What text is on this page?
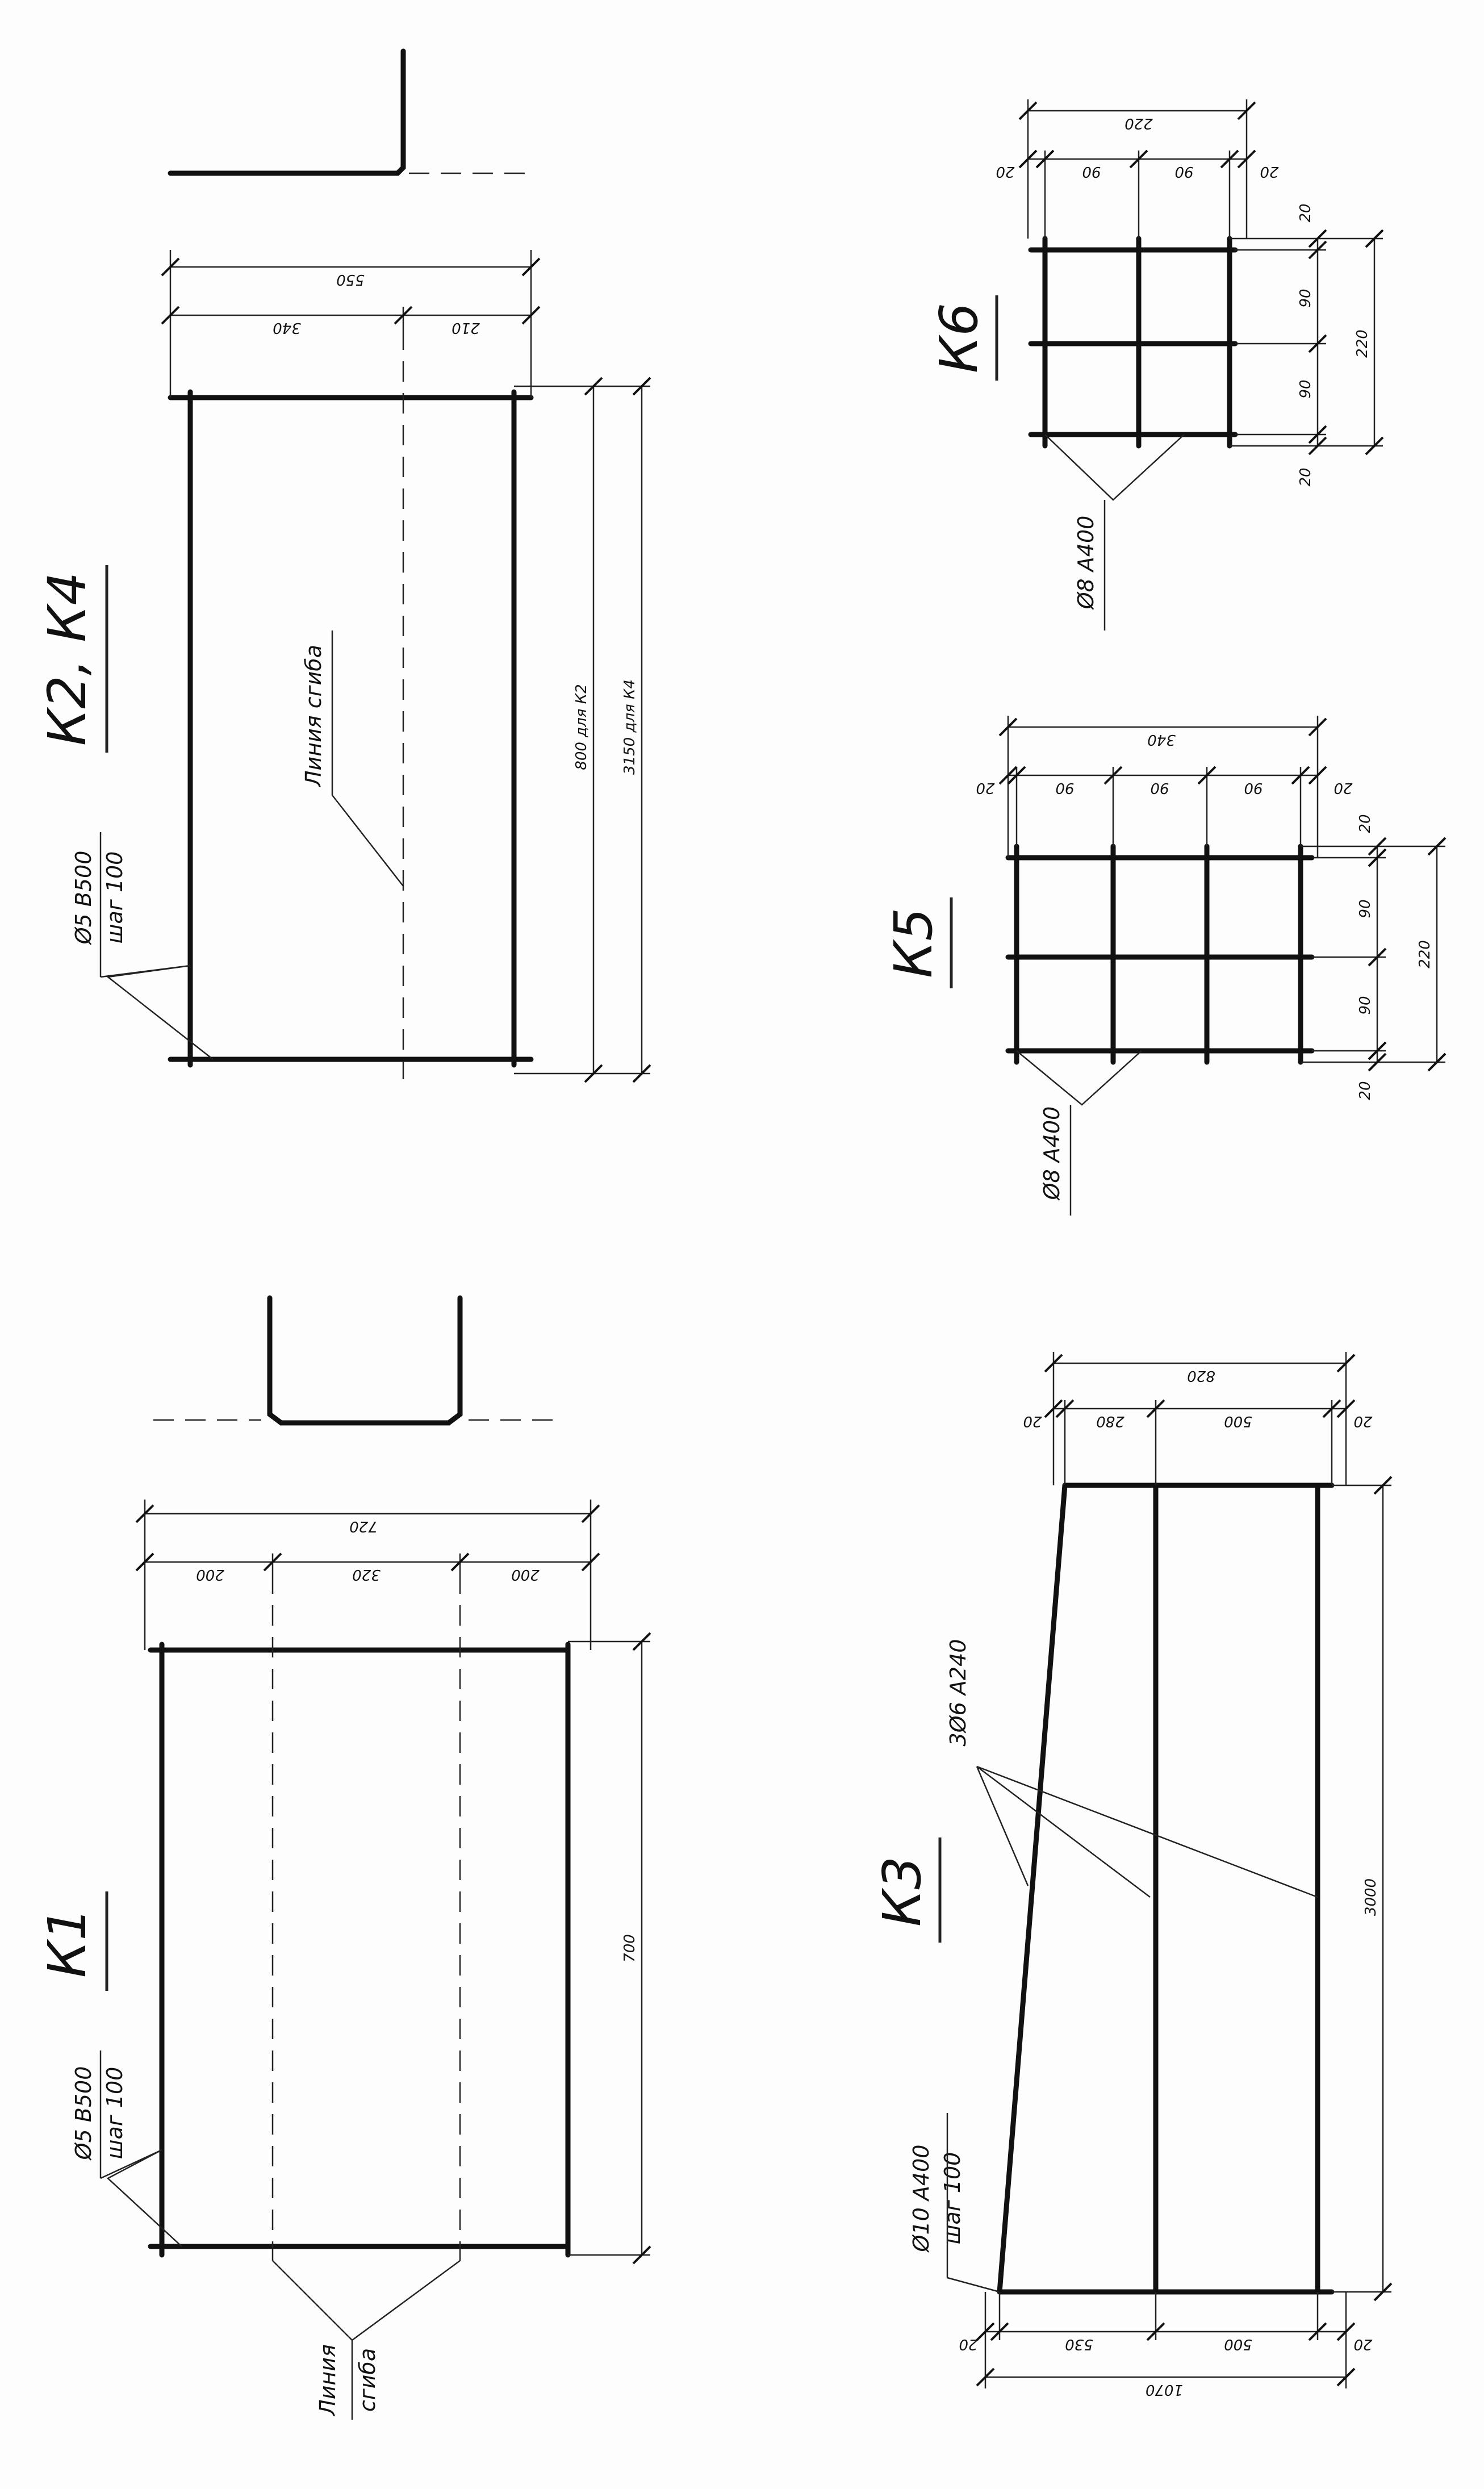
550
340	210
800 для К2 3150 для К4
К2, К4
Ø5 В500 шаг 100
Линия сгиба
720
200	320	200
700
К1
Ø5 В500 шаг 100
Линия сгиба
820
20	280	500	20
20	530	500	20
1070
3000
К3
Ø10 А400 шаг 100
3Ø6 А240
340
20	90	90	90	20
20
90
90
20
220
К5
Ø8 А400
220
20	90	90	20
20
90
90
20
220
К6
Ø8 А400
